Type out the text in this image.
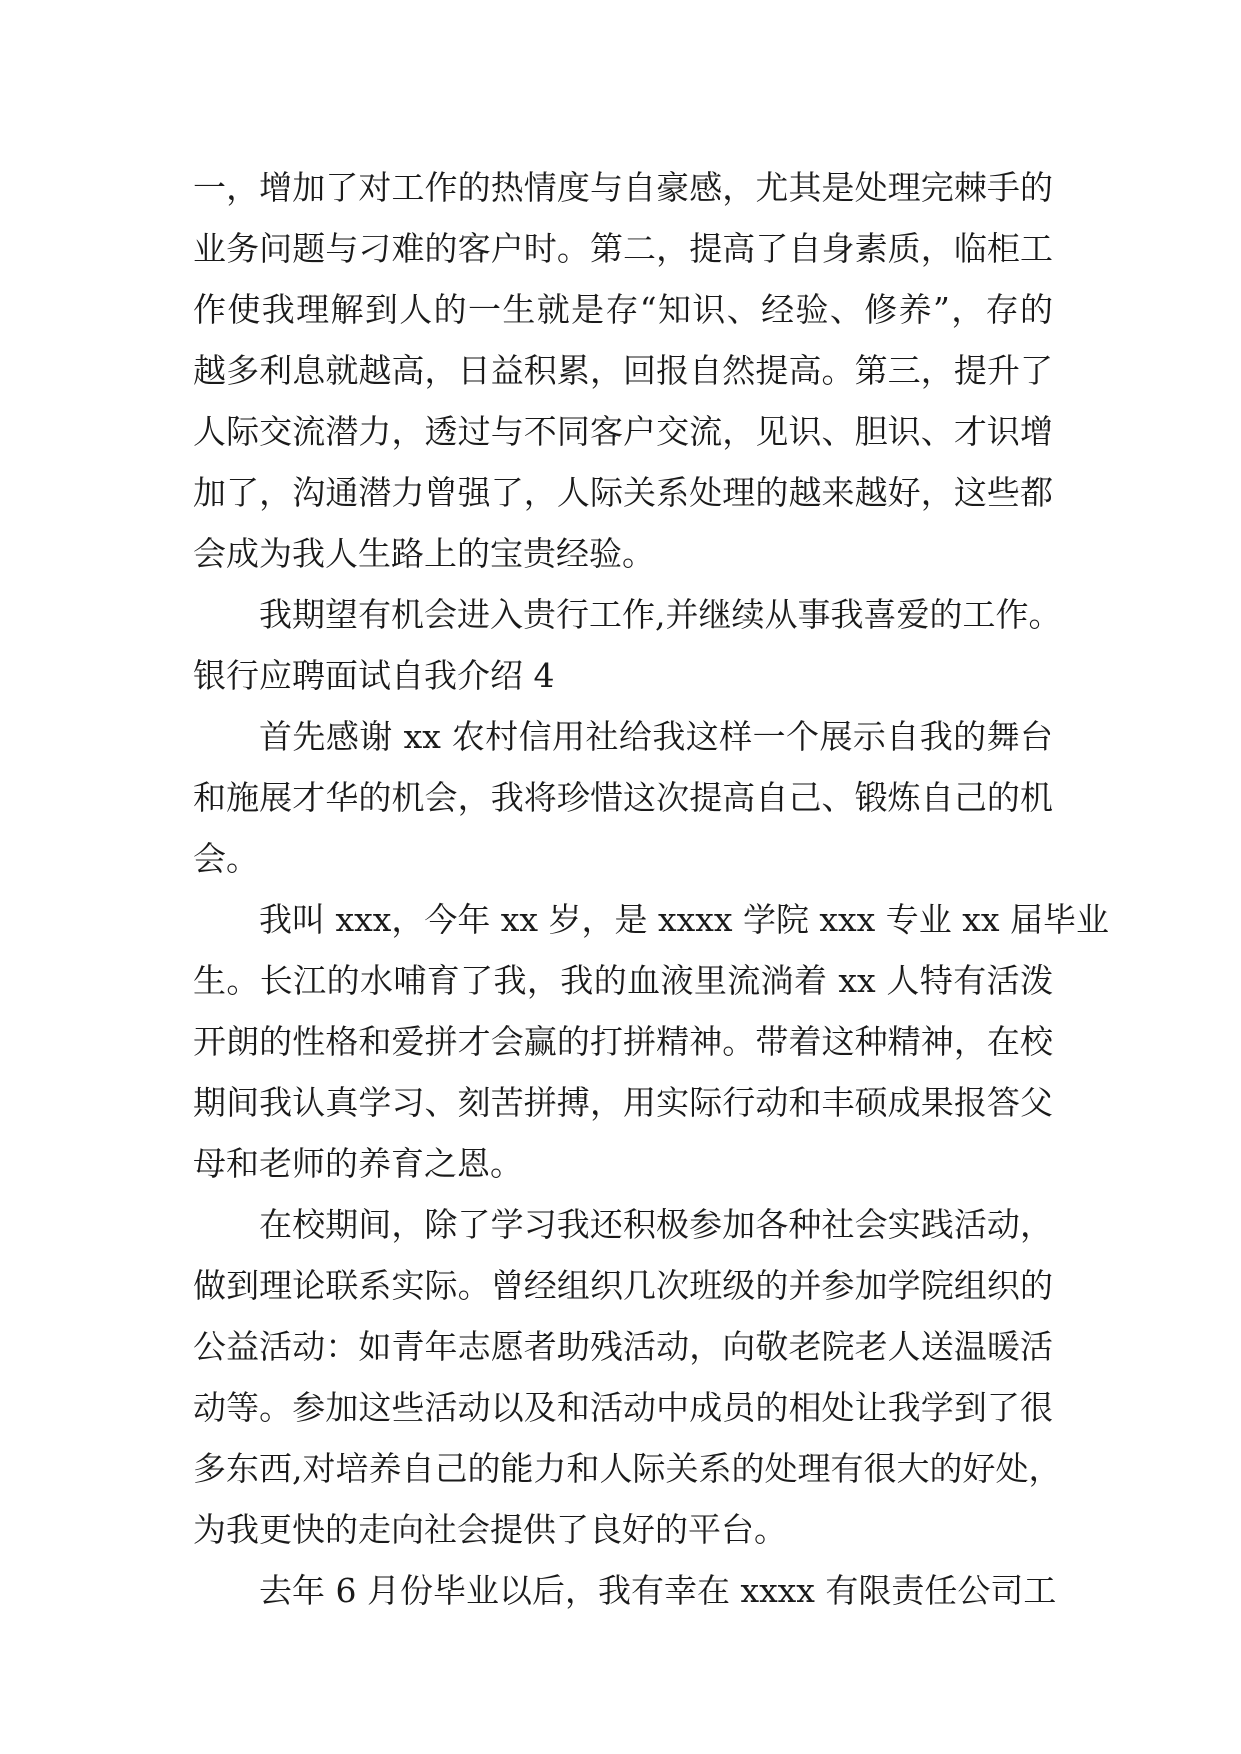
一，增加了对工作的热情度与自豪感，尤其是处理完棘手的
业务问题与刁难的客户时。第二，提高了自身素质，临柜工
作使我理解到人的一生就是存“知识、经验、修养”，存的
越多利息就越高，日益积累，回报自然提高。第三，提升了
人际交流潜力，透过与不同客户交流，见识、胆识、才识增
加了，沟通潜力曾强了，人际关系处理的越来越好，这些都
会成为我人生路上的宝贵经验。
我期望有机会进入贵行工作,并继续从事我喜爱的工作。
银行应聘面试自我介绍 4
首先感谢 xx 农村信用社给我这样一个展示自我的舞台
和施展才华的机会，我将珍惜这次提高自己、锻炼自己的机
会。
我叫 xxx，今年 xx 岁，是 xxxx 学院 xxx 专业 xx 届毕业
生。长江的水哺育了我，我的血液里流淌着 xx 人特有活泼
开朗的性格和爱拼才会赢的打拼精神。带着这种精神，在校
期间我认真学习、刻苦拼搏，用实际行动和丰硕成果报答父
母和老师的养育之恩。
在校期间，除了学习我还积极参加各种社会实践活动，
做到理论联系实际。曾经组织几次班级的并参加学院组织的
公益活动：如青年志愿者助残活动，向敬老院老人送温暖活
动等。参加这些活动以及和活动中成员的相处让我学到了很
多东西,对培养自己的能力和人际关系的处理有很大的好处，
为我更快的走向社会提供了良好的平台。
去年 6 月份毕业以后，我有幸在 xxxx 有限责任公司工
